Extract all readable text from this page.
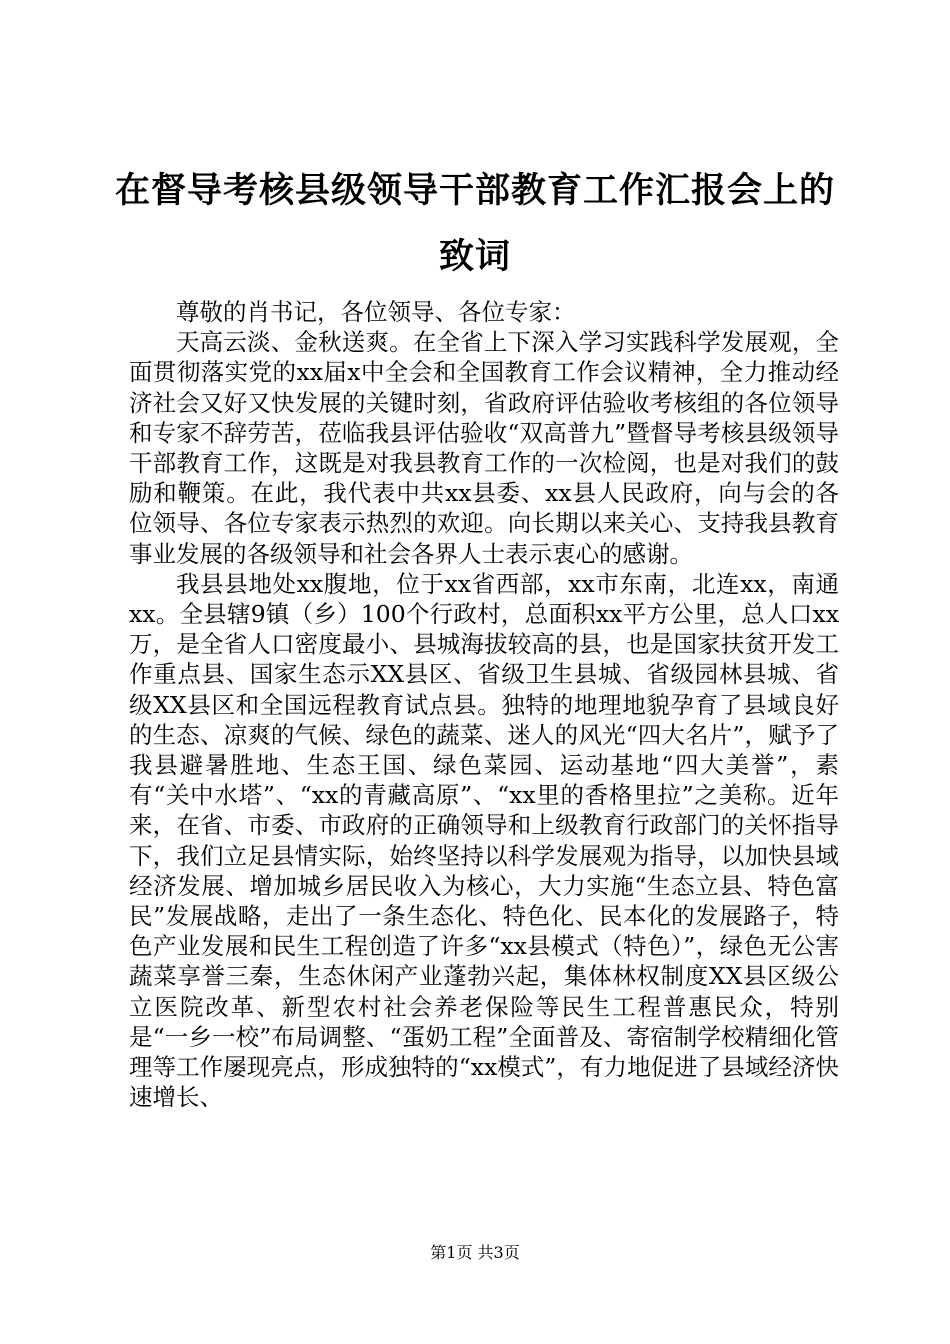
在督导考核县级领导干部教育工作汇报会上的致词

尊敬的肖书记，各位领导、各位专家：

天高云淡、金秋送爽。在全省上下深入学习实践科学发展观，全面贯彻落实党的xx届x中全会和全国教育工作会议精神，全力推动经济社会又好又快发展的关键时刻，省政府评估验收考核组的各位领导和专家不辞劳苦，莅临我县评估验收“双高普九”暨督导考核县级领导干部教育工作，这既是对我县教育工作的一次检阅，也是对我们的鼓励和鞭策。在此，我代表中共xx县委、xx县人民政府，向与会的各位领导、各位专家表示热烈的欢迎。向长期以来关心、支持我县教育事业发展的各级领导和社会各界人士表示衷心的感谢。

我县县地处xx腹地，位于xx省西部，xx市东南，北连xx，南通xx。全县辖9镇（乡）100个行政村，总面积xx平方公里，总人口xx万，是全省人口密度最小、县城海拔较高的县，也是国家扶贫开发工作重点县、国家生态示XX县区、省级卫生县城、省级园林县城、省级XX县区和全国远程教育试点县。独特的地理地貌孕育了县域良好的生态、凉爽的气候、绿色的蔬菜、迷人的风光“四大名片”，赋予了我县避暑胜地、生态王国、绿色菜园、运动基地“四大美誉”，素有“关中水塔”、“xx的青藏高原”、“xx里的香格里拉”之美称。近年来，在省、市委、市政府的正确领导和上级教育行政部门的关怀指导下，我们立足县情实际，始终坚持以科学发展观为指导，以加快县域经济发展、增加城乡居民收入为核心，大力实施“生态立县、特色富民”发展战略，走出了一条生态化、特色化、民本化的发展路子，特色产业发展和民生工程创造了许多“xx县模式（特色）”，绿色无公害蔬菜享誉三秦，生态休闲产业蓬勃兴起，集体林权制度XX县区级公立医院改革、新型农村社会养老保险等民生工程普惠民众，特别是“一乡一校”布局调整、“蛋奶工程”全面普及、寄宿制学校精细化管理等工作屡现亮点，形成独特的“xx模式”，有力地促进了县域经济快速增长、

第1页 共3页
